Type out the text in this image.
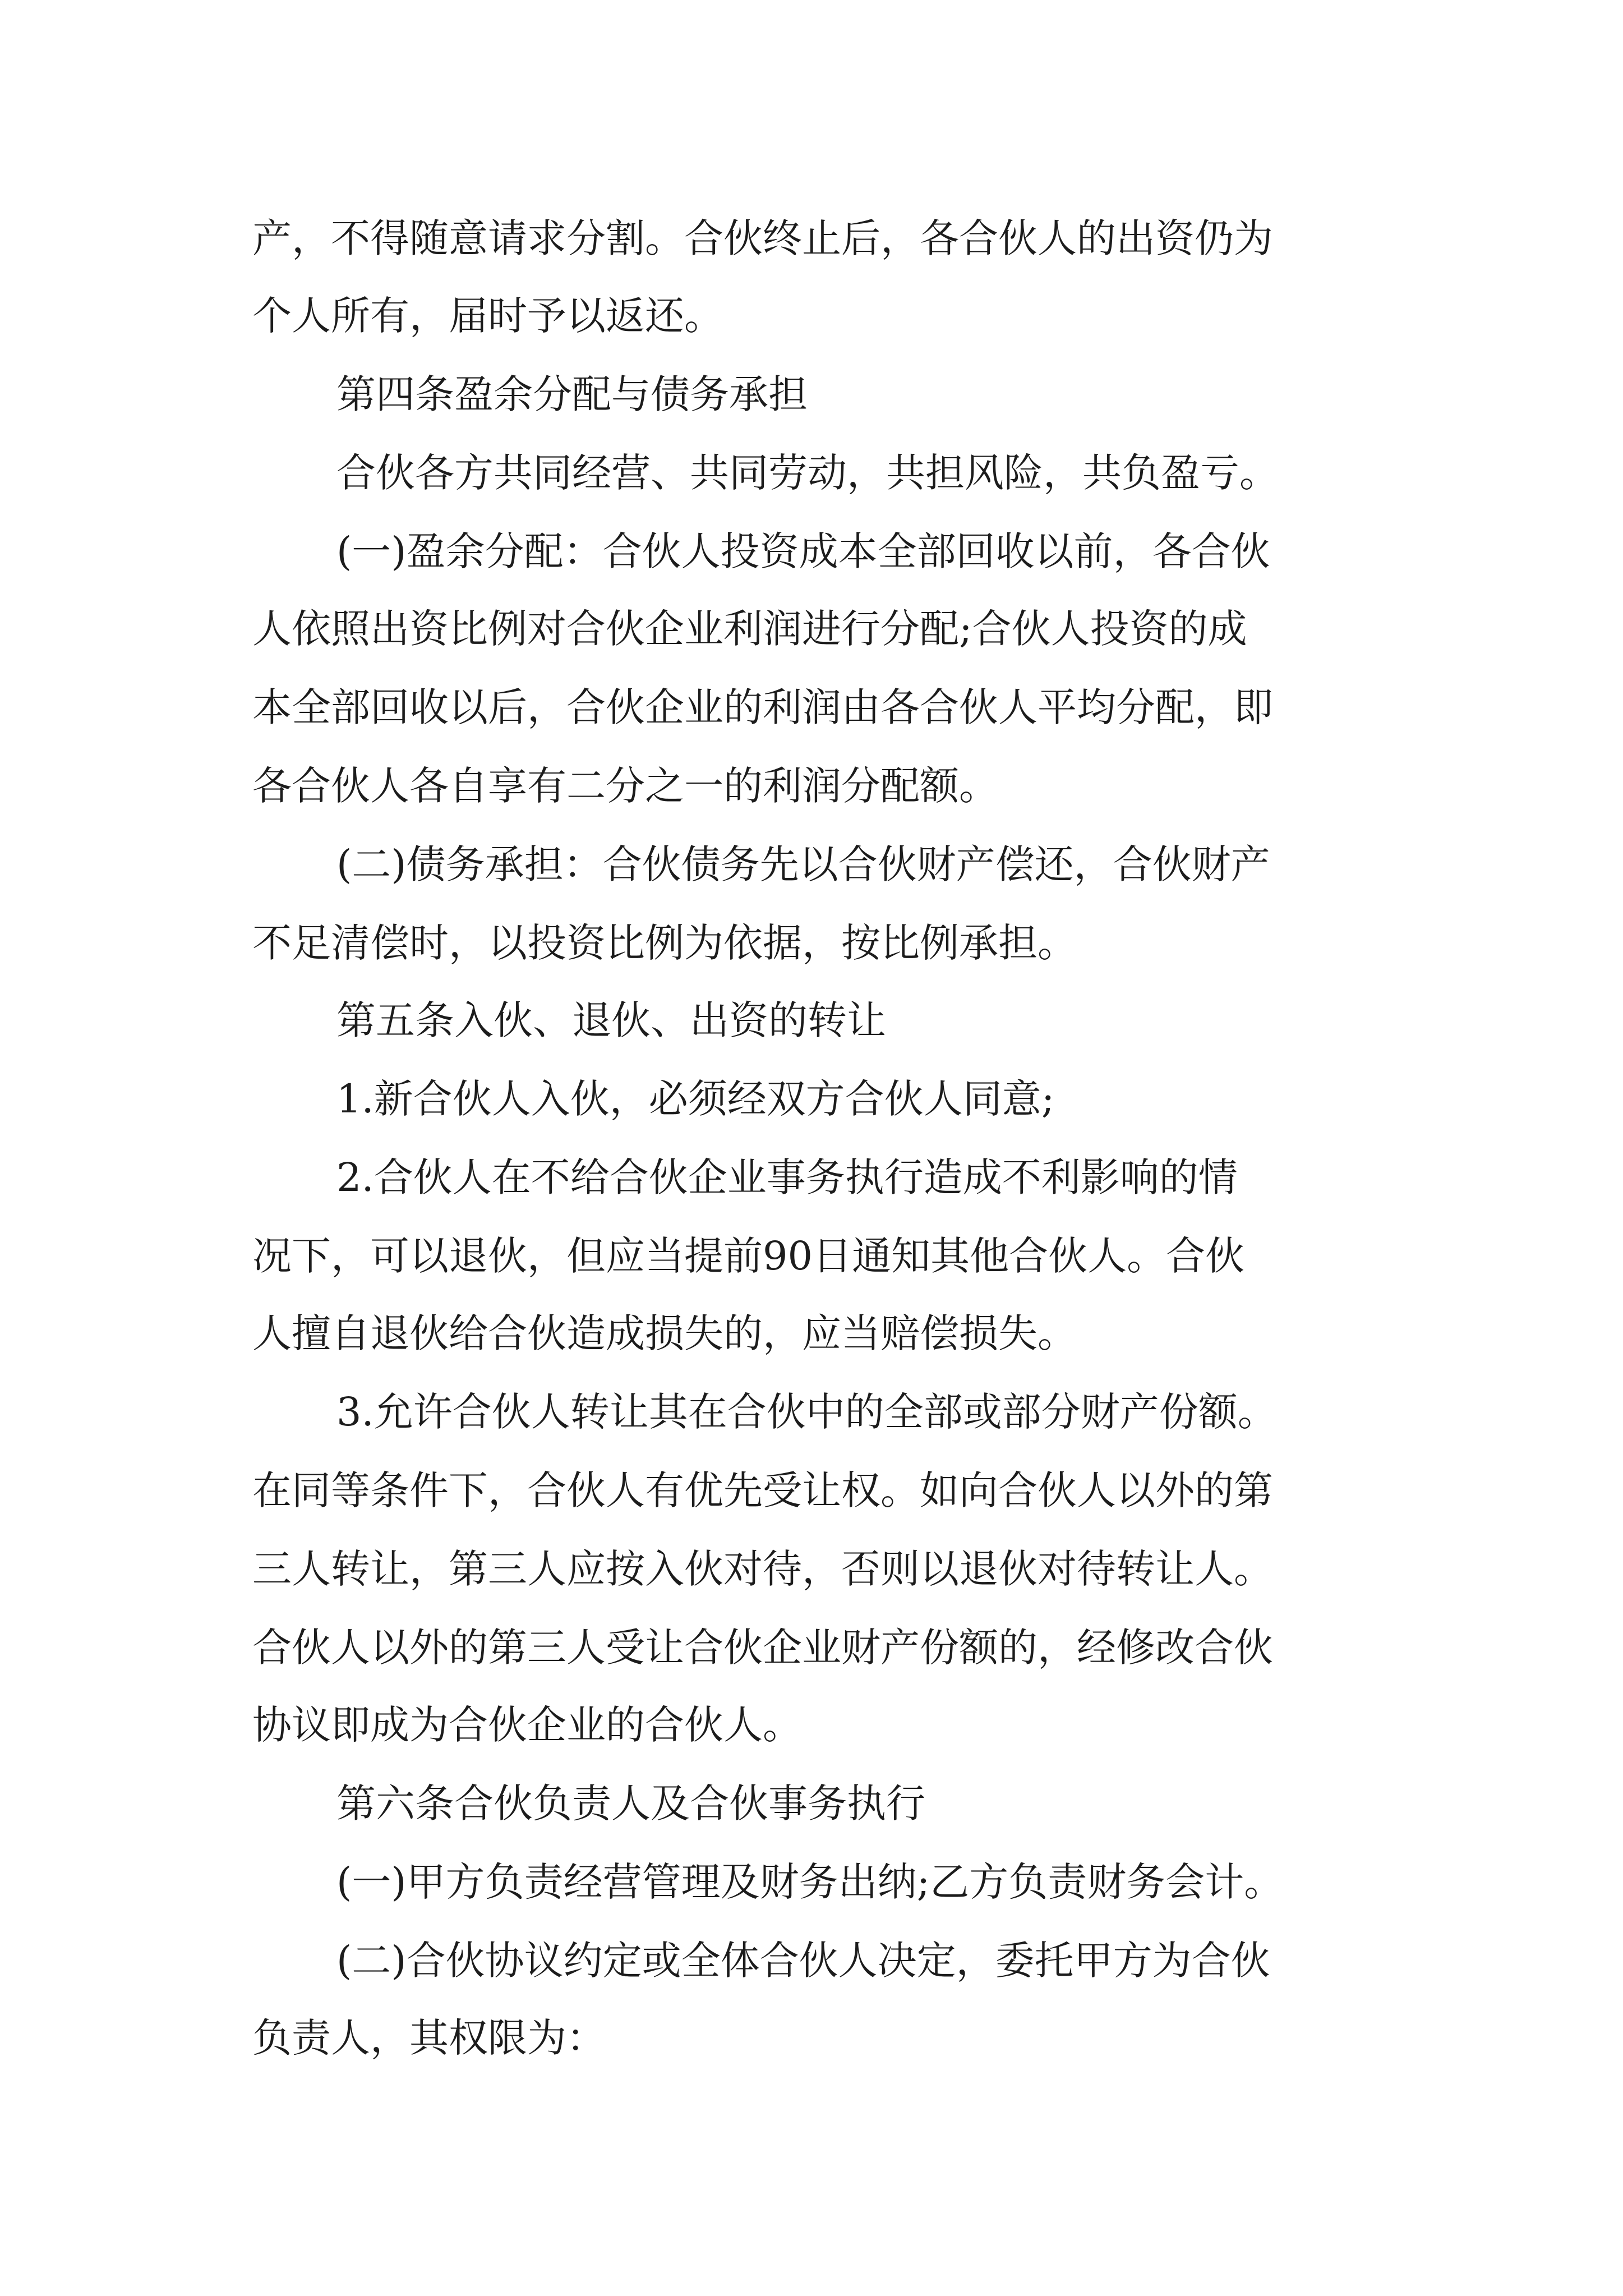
产，不得随意请求分割。合伙终止后，各合伙人的出资仍为

个人所有，届时予以返还。

第四条盈余分配与债务承担

合伙各方共同经营、共同劳动，共担风险，共负盈亏。

(一)盈余分配：合伙人投资成本全部回收以前，各合伙

人依照出资比例对合伙企业利润进行分配;合伙人投资的成

本全部回收以后，合伙企业的利润由各合伙人平均分配，即

各合伙人各自享有二分之一的利润分配额。

(二)债务承担：合伙债务先以合伙财产偿还，合伙财产

不足清偿时，以投资比例为依据，按比例承担。

第五条入伙、退伙、出资的转让

1.新合伙人入伙，必须经双方合伙人同意;

2.合伙人在不给合伙企业事务执行造成不利影响的情

况下，可以退伙，但应当提前90日通知其他合伙人。合伙

人擅自退伙给合伙造成损失的，应当赔偿损失。

3.允许合伙人转让其在合伙中的全部或部分财产份额。

在同等条件下，合伙人有优先受让权。如向合伙人以外的第

三人转让，第三人应按入伙对待，否则以退伙对待转让人。

合伙人以外的第三人受让合伙企业财产份额的，经修改合伙

协议即成为合伙企业的合伙人。

第六条合伙负责人及合伙事务执行

(一)甲方负责经营管理及财务出纳;乙方负责财务会计。

(二)合伙协议约定或全体合伙人决定，委托甲方为合伙

负责人，其权限为：
